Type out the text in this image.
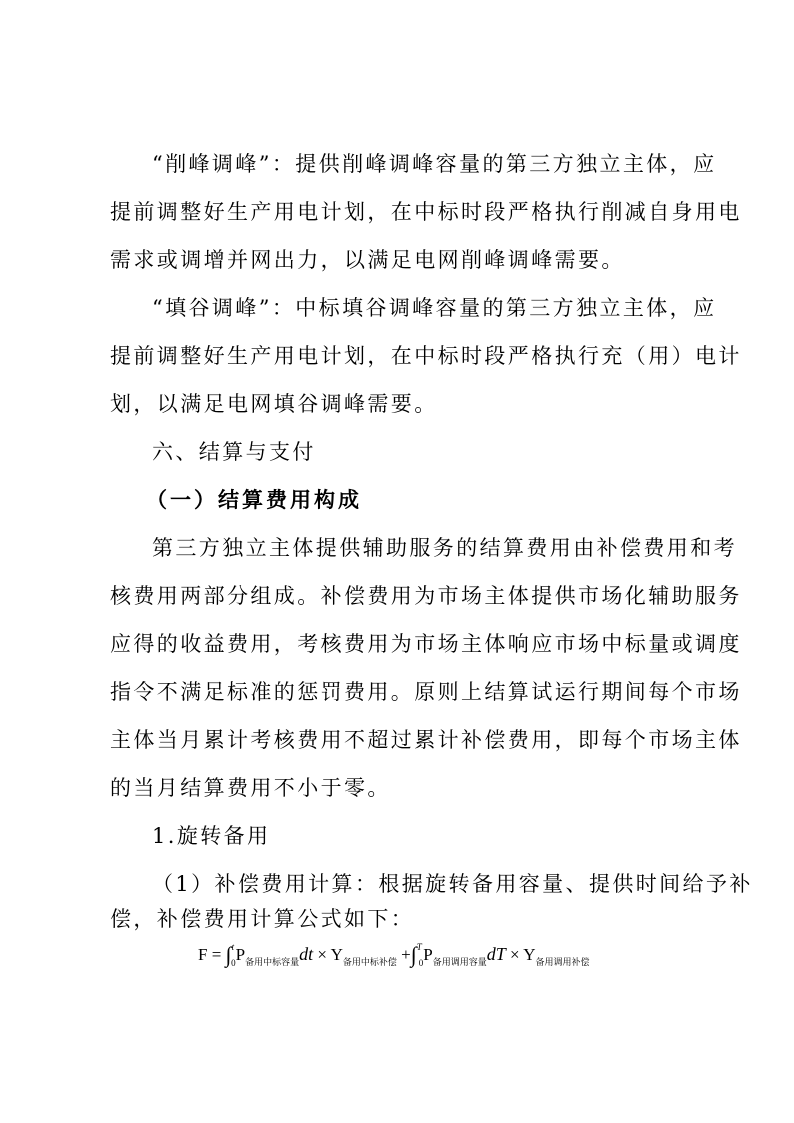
“削峰调峰”：提供削峰调峰容量的第三方独立主体，应
提前调整好生产用电计划，在中标时段严格执行削减自身用电
需求或调增并网出力，以满足电网削峰调峰需要。
“填谷调峰”：中标填谷调峰容量的第三方独立主体，应
提前调整好生产用电计划，在中标时段严格执行充（用）电计
划，以满足电网填谷调峰需要。
六、结算与支付
（一）结算费用构成
第三方独立主体提供辅助服务的结算费用由补偿费用和考
核费用两部分组成。补偿费用为市场主体提供市场化辅助服务
应得的收益费用，考核费用为市场主体响应市场中标量或调度
指令不满足标准的惩罚费用。原则上结算试运行期间每个市场
主体当月累计考核费用不超过累计补偿费用，即每个市场主体
的当月结算费用不小于零。
1.旋转备用
（1）补偿费用计算：根据旋转备用容量、提供时间给予补
偿，补偿费用计算公式如下：
$F = \int^t_0P_{备用中标容量}dt \times Y_{备用中标补偿} +\int^T_0P_{备用调用容量}dT \times Y_{备用调用补偿}$
